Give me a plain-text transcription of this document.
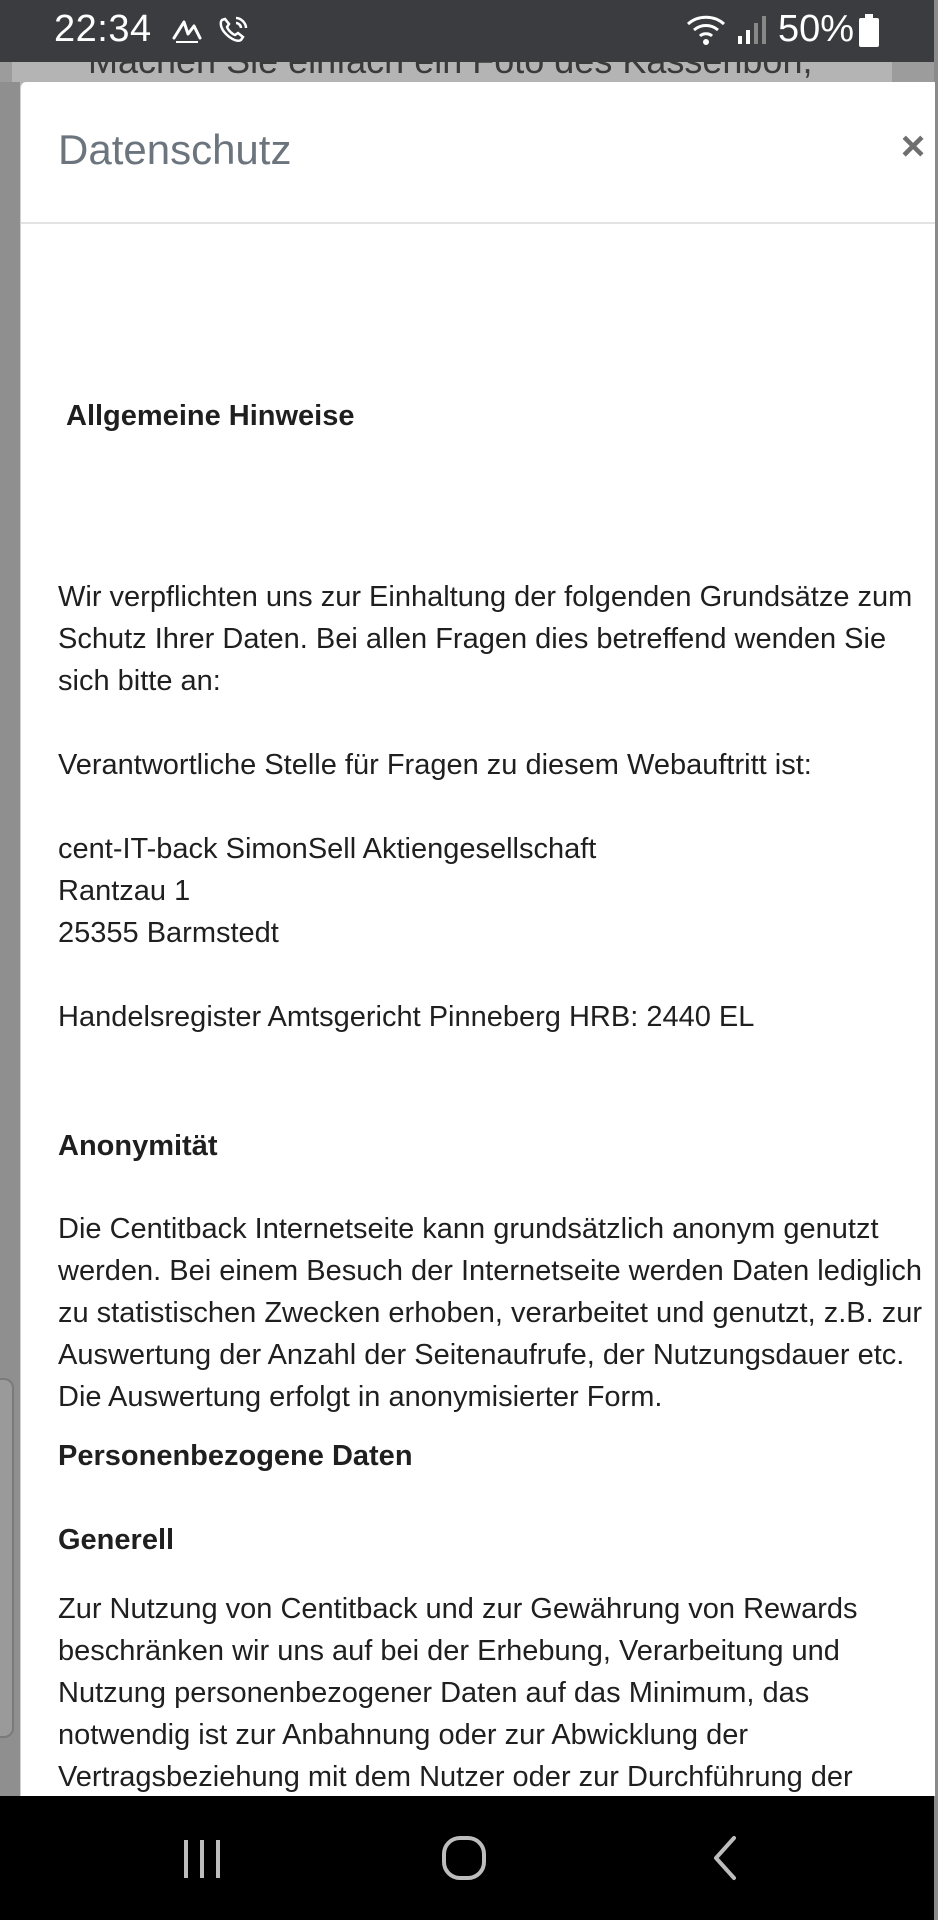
22:34	50%
Datenschutz	×
Allgemeine Hinweise
Wir verpflichten uns zur Einhaltung der folgenden Grundsätze zum Schutz Ihrer Daten. Bei allen Fragen dies betreffend wenden Sie sich bitte an:
Verantwortliche Stelle für Fragen zu diesem Webauftritt ist:
cent-IT-back SimonSell Aktiengesellschaft
Rantzau 1
25355 Barmstedt
Handelsregister Amtsgericht Pinneberg HRB: 2440 EL
Anonymität
Die Centitback Internetseite kann grundsätzlich anonym genutzt werden. Bei einem Besuch der Internetseite werden Daten lediglich zu statistischen Zwecken erhoben, verarbeitet und genutzt, z.B. zur Auswertung der Anzahl der Seitenaufrufe, der Nutzungsdauer etc. Die Auswertung erfolgt in anonymisierter Form.
Personenbezogene Daten
Generell
Zur Nutzung von Centitback und zur Gewährung von Rewards beschränken wir uns auf bei der Erhebung, Verarbeitung und Nutzung personenbezogener Daten auf das Minimum, das notwendig ist zur Anbahnung oder zur Abwicklung der Vertragsbeziehung mit dem Nutzer oder zur Durchführung der
